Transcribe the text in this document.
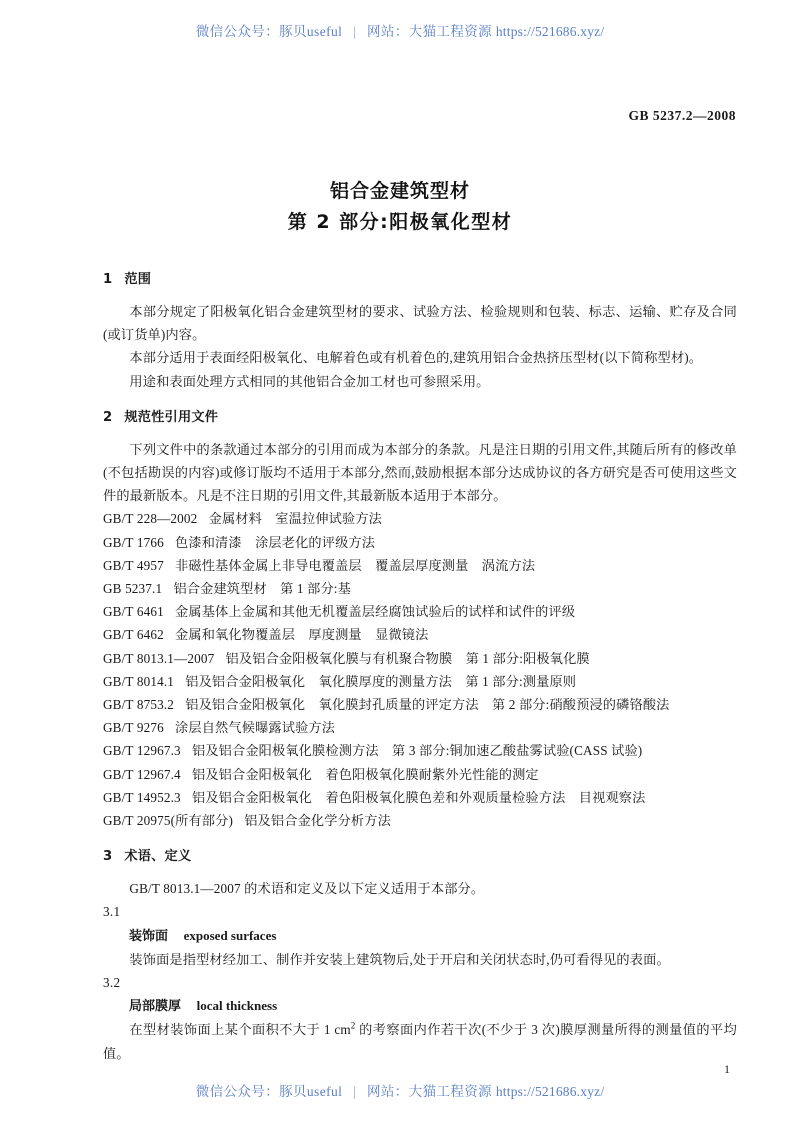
微信公众号：豚贝useful | 网站：大猫工程资源 https://521686.xyz/
GB 5237.2—2008
铝合金建筑型材
第 2 部分:阳极氧化型材
1 范围

本部分规定了阳极氧化铝合金建筑型材的要求、试验方法、检验规则和包装、标志、运输、贮存及合同(或订货单)内容。

本部分适用于表面经阳极氧化、电解着色或有机着色的,建筑用铝合金热挤压型材(以下简称型材)。

用途和表面处理方式相同的其他铝合金加工材也可参照采用。

2 规范性引用文件

下列文件中的条款通过本部分的引用而成为本部分的条款。凡是注日期的引用文件,其随后所有的修改单(不包括勘误的内容)或修订版均不适用于本部分,然而,鼓励根据本部分达成协议的各方研究是否可使用这些文件的最新版本。凡是不注日期的引用文件,其最新版本适用于本部分。

GB/T 228—2002 金属材料　室温拉伸试验方法
GB/T 1766 色漆和清漆　涂层老化的评级方法
GB/T 4957 非磁性基体金属上非导电覆盖层　覆盖层厚度测量　涡流方法
GB 5237.1 铝合金建筑型材　第 1 部分:基
GB/T 6461 金属基体上金属和其他无机覆盖层经腐蚀试验后的试样和试件的评级
GB/T 6462 金属和氧化物覆盖层　厚度测量　显微镜法
GB/T 8013.1—2007 铝及铝合金阳极氧化膜与有机聚合物膜　第 1 部分:阳极氧化膜
GB/T 8014.1 铝及铝合金阳极氧化　氧化膜厚度的测量方法　第 1 部分:测量原则
GB/T 8753.2 铝及铝合金阳极氧化　氧化膜封孔质量的评定方法　第 2 部分:硝酸预浸的磷铬酸法
GB/T 9276 涂层自然气候曝露试验方法
GB/T 12967.3 铝及铝合金阳极氧化膜检测方法　第 3 部分:铜加速乙酸盐雾试验(CASS 试验)
GB/T 12967.4 铝及铝合金阳极氧化　着色阳极氧化膜耐紫外光性能的测定
GB/T 14952.3 铝及铝合金阳极氧化　着色阳极氧化膜色差和外观质量检验方法　目视观察法
GB/T 20975(所有部分) 铝及铝合金化学分析方法
3 术语、定义

GB/T 8013.1—2007 的术语和定义及以下定义适用于本部分。

3.1

装饰面 exposed surfaces

装饰面是指型材经加工、制作并安装上建筑物后,处于开启和关闭状态时,仍可看得见的表面。

3.2

局部膜厚 local thickness

在型材装饰面上某个面积不大于 1 $cm^2$ 的考察面内作若干次(不少于 3 次)膜厚测量所得的测量值的平均值。

1
微信公众号：豚贝useful | 网站：大猫工程资源 https://521686.xyz/
